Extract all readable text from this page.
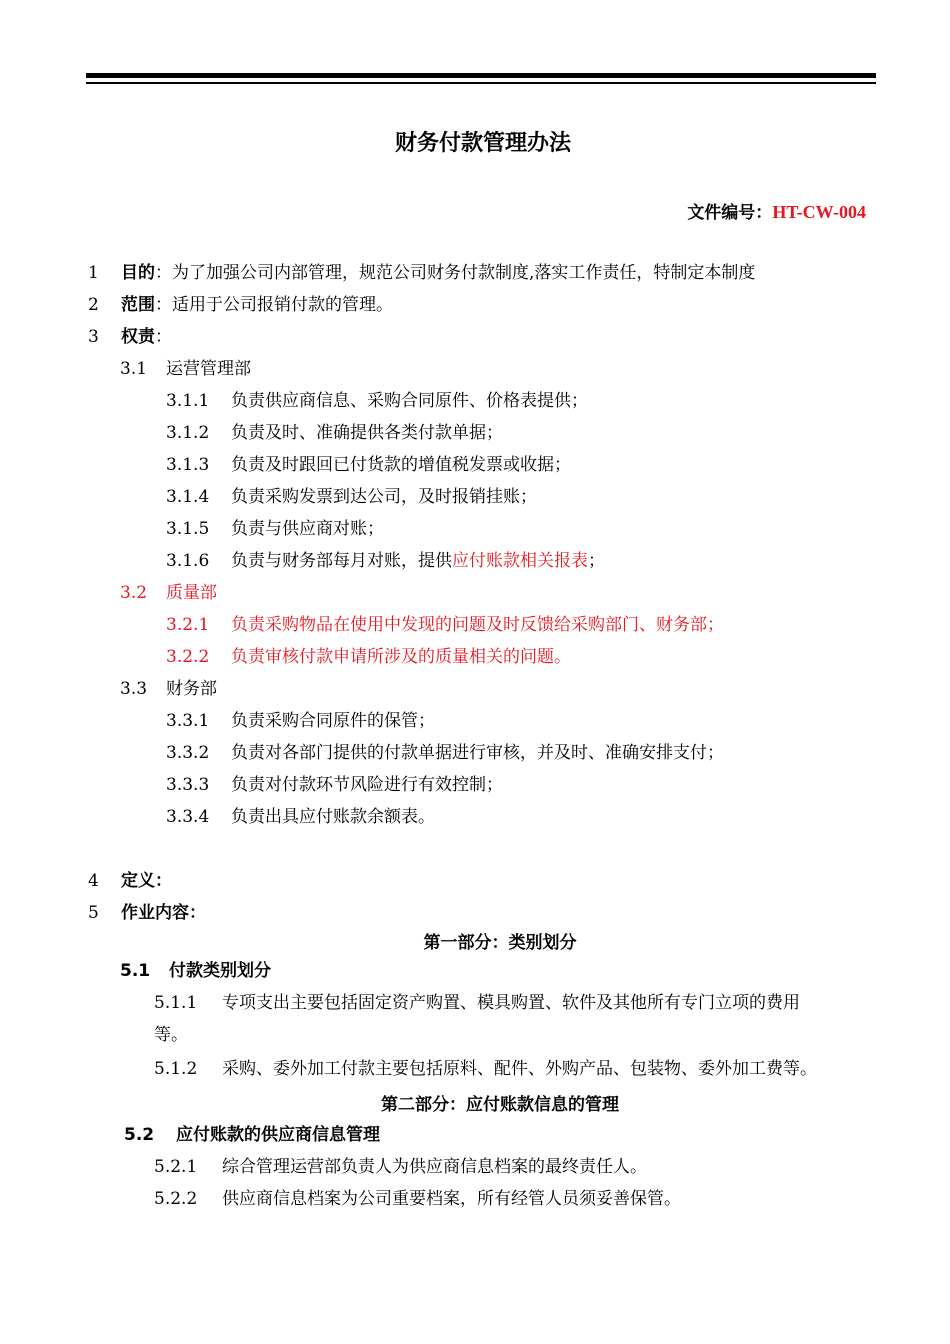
财务付款管理办法
文件编号：HT-CW-004
1 目的：为了加强公司内部管理，规范公司财务付款制度,落实工作责任，特制定本制度
2 范围：适用于公司报销付款的管理。
3 权责：
3.1 运营管理部
3.1.1 负责供应商信息、采购合同原件、价格表提供；
3.1.2 负责及时、准确提供各类付款单据；
3.1.3 负责及时跟回已付货款的增值税发票或收据；
3.1.4 负责采购发票到达公司，及时报销挂账；
3.1.5 负责与供应商对账；
3.1.6 负责与财务部每月对账，提供应付账款相关报表；
3.2 质量部
3.2.1 负责采购物品在使用中发现的问题及时反馈给采购部门、财务部；
3.2.2 负责审核付款申请所涉及的质量相关的问题。
3.3 财务部
3.3.1 负责采购合同原件的保管；
3.3.2 负责对各部门提供的付款单据进行审核，并及时、准确安排支付；
3.3.3 负责对付款环节风险进行有效控制；
3.3.4 负责出具应付账款余额表。
4 定义：
5 作业内容：
第一部分：类别划分
5.1 付款类别划分
5.1.1 专项支出主要包括固定资产购置、模具购置、软件及其他所有专门立项的费用
等。
5.1.2 采购、委外加工付款主要包括原料、配件、外购产品、包装物、委外加工费等。
第二部分：应付账款信息的管理
5.2 应付账款的供应商信息管理
5.2.1 综合管理运营部负责人为供应商信息档案的最终责任人。
5.2.2 供应商信息档案为公司重要档案，所有经管人员须妥善保管。
